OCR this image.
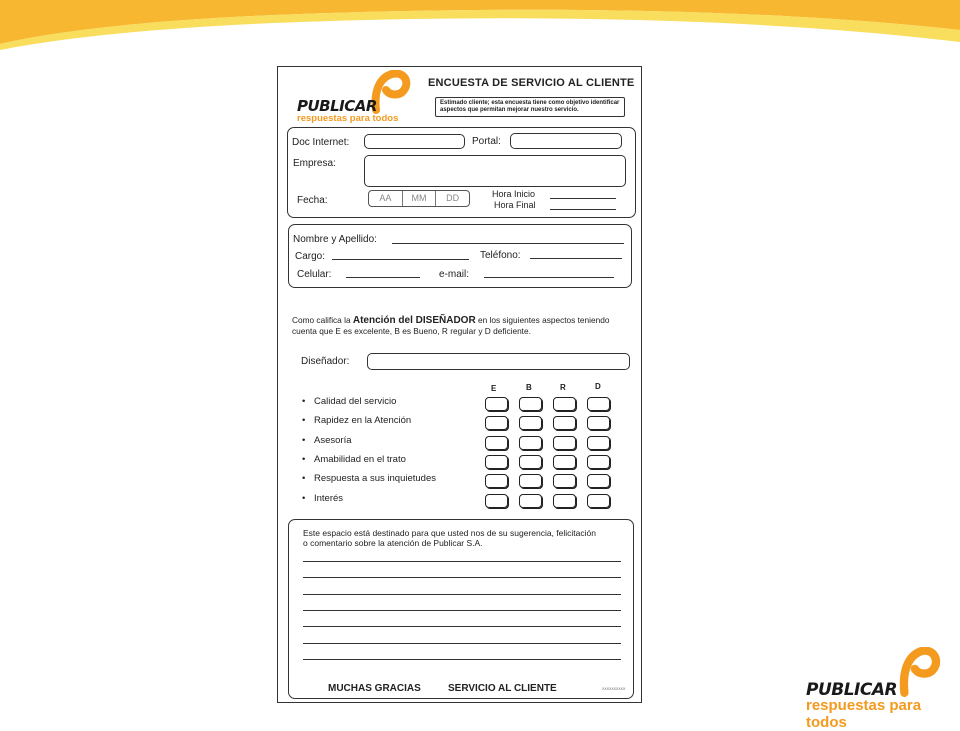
PUBLICAR
respuestas para todos
ENCUESTA DE SERVICIO AL CLIENTE
Estimado cliente; esta encuesta tiene como objetivo identificar aspectos que permitan mejorar nuestro servicio.
Doc Internet:	Portal:
Empresa:
Fecha:	AA	MM	DD	Hora Inicio
Hora Final
Nombre y Apellido:
Cargo:	Teléfono:
Celular:	e-mail:
Como califica la Atención del DISEÑADOR en los siguientes aspectos teniendo cuenta que E es excelente, B es Bueno, R regular y D deficiente.
Diseñador:
E	B	R	D
• Calidad del servicio
• Rapidez en la Atención
• Asesoría
• Amabilidad en el trato
• Respuesta a sus inquietudes
• Interés
Este espacio está destinado para que usted nos de su sugerencia, felicitación o comentario sobre la atención de Publicar S.A.
MUCHAS GRACIAS	SERVICIO AL CLIENTE	XXXXXXXXXX	PUBLICAR
respuestas para todos
